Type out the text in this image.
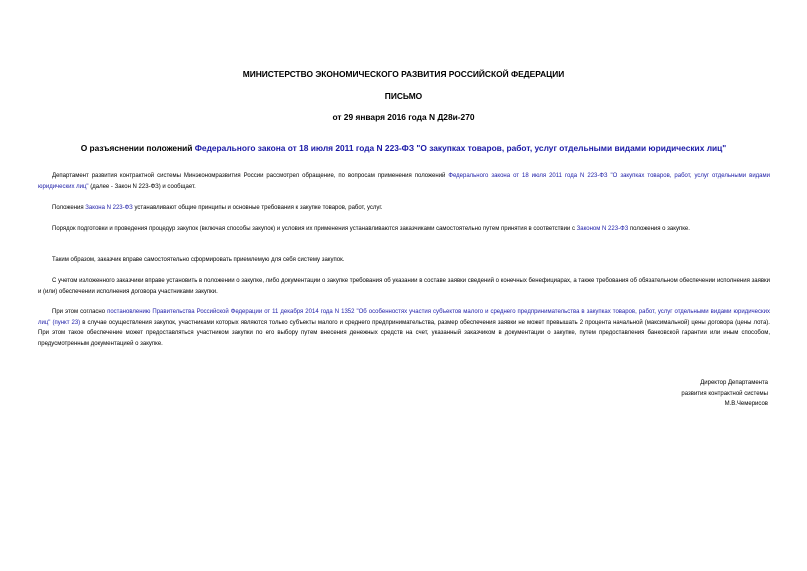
МИНИСТЕРСТВО ЭКОНОМИЧЕСКОГО РАЗВИТИЯ РОССИЙСКОЙ ФЕДЕРАЦИИ
ПИСЬМО
от 29 января 2016 года N Д28и-270
О разъяснении положений Федерального закона от 18 июля 2011 года N 223-ФЗ "О закупках товаров, работ, услуг отдельными видами юридических лиц"
Департамент развития контрактной системы Минэкономразвития России рассмотрел обращение, по вопросам применения положений Федерального закона от 18 июля 2011 года N 223-ФЗ "О закупках товаров, работ, услуг отдельными видами юридических лиц" (далее - Закон N 223-ФЗ) и сообщает.
Положения Закона N 223-ФЗ устанавливают общие принципы и основные требования к закупке товаров, работ, услуг.
Порядок подготовки и проведения процедур закупок (включая способы закупок) и условия их применения устанавливаются заказчиками самостоятельно путем принятия в соответствии с Законом N 223-ФЗ положения о закупке.
Таким образом, заказчик вправе самостоятельно сформировать приемлемую для себя систему закупок.
С учетом изложенного заказчики вправе установить в положении о закупке, либо документации о закупке требования об указании в составе заявки сведений о конечных бенефициарах, а также требования об обязательном обеспечении исполнения заявки и (или) обеспечении исполнения договора участниками закупки.
При этом согласно постановлению Правительства Российской Федерации от 11 декабря 2014 года N 1352 "Об особенностях участия субъектов малого и среднего предпринимательства в закупках товаров, работ, услуг отдельными видами юридических лиц" (пункт 23) в случае осуществления закупок, участниками которых являются только субъекты малого и среднего предпринимательства, размер обеспечения заявки не может превышать 2 процента начальной (максимальной) цены договора (цены лота). При этом такое обеспечение может предоставляться участником закупки по его выбору путем внесения денежных средств на счет, указанный заказчиком в документации о закупке, путем предоставления банковской гарантии или иным способом, предусмотренным документацией о закупке.
Директор Департамента
развития контрактной системы
М.В.Чемерисов
